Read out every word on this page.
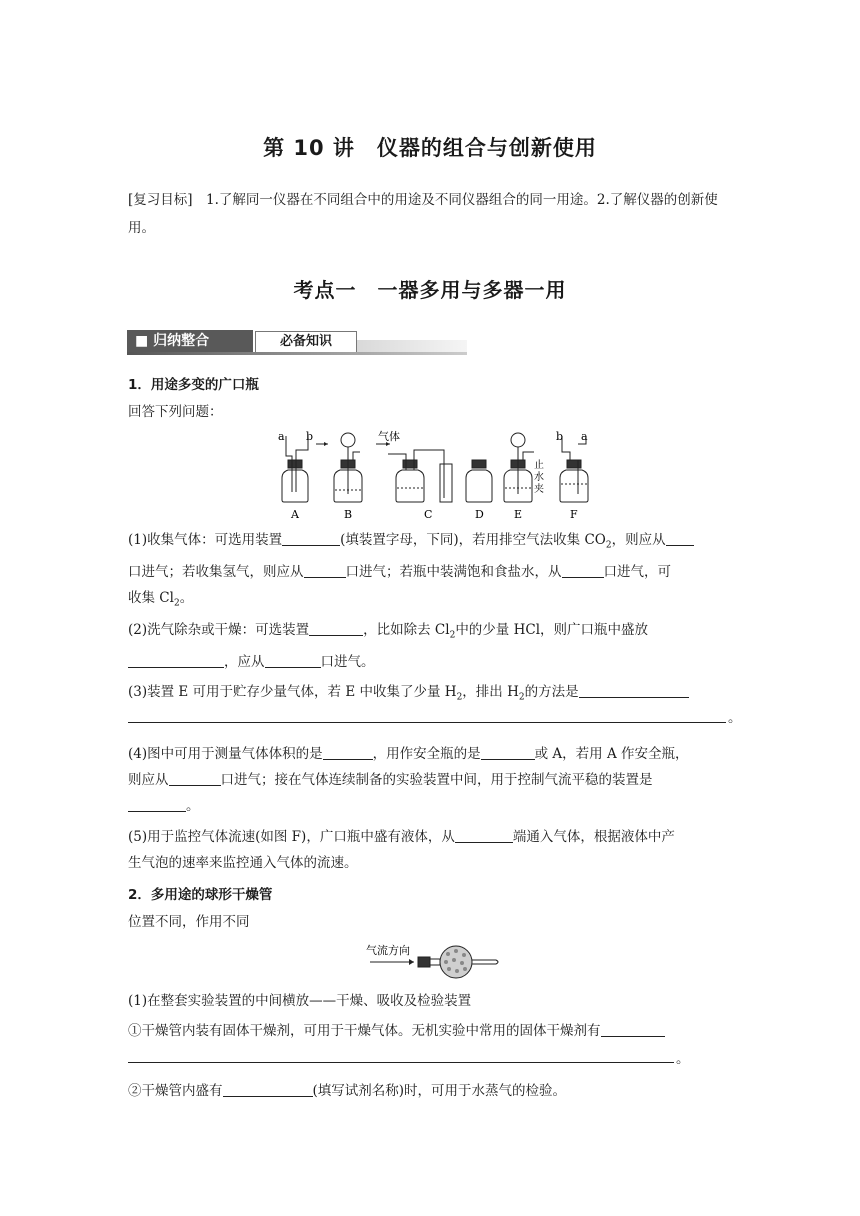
第 10 讲　仪器的组合与创新使用
[复习目标]　1.了解同一仪器在不同组合中的用途及不同仪器组合的同一用途。2.了解仪器的创新使用。
考点一　一器多用与多器一用
■ 归纳整合	必备知识
1．用途多变的广口瓶
回答下列问题：
a b	气体	b a
止
水
夹
A	B	C	D	E	F
(1)收集气体：可选用装置	(填装置字母，下同)，若用排空气法收集 $CO_2$，则应从
口进气；若收集氢气，则应从	口进气；若瓶中装满饱和食盐水，从	口进气，可
收集 $Cl_2$。
(2)洗气除杂或干燥：可选装置	，比如除去 $Cl_2$中的少量 HCl，则广口瓶中盛放
，应从	口进气。
(3)装置 E 可用于贮存少量气体，若 E 中收集了少量 $H_2$，排出 $H_2$的方法是
。
(4)图中可用于测量气体体积的是	，用作安全瓶的是	或 A，若用 A 作安全瓶，
则应从	口进气；接在气体连续制备的实验装置中间，用于控制气流平稳的装置是
。
(5)用于监控气体流速(如图 F)，广口瓶中盛有液体，从	端通入气体，根据液体中产
生气泡的速率来监控通入气体的流速。
2．多用途的球形干燥管
位置不同，作用不同
气流方向
(1)在整套实验装置的中间横放——干燥、吸收及检验装置
①干燥管内装有固体干燥剂，可用于干燥气体。无机实验中常用的固体干燥剂有
。
②干燥管内盛有	(填写试剂名称)时，可用于水蒸气的检验。
